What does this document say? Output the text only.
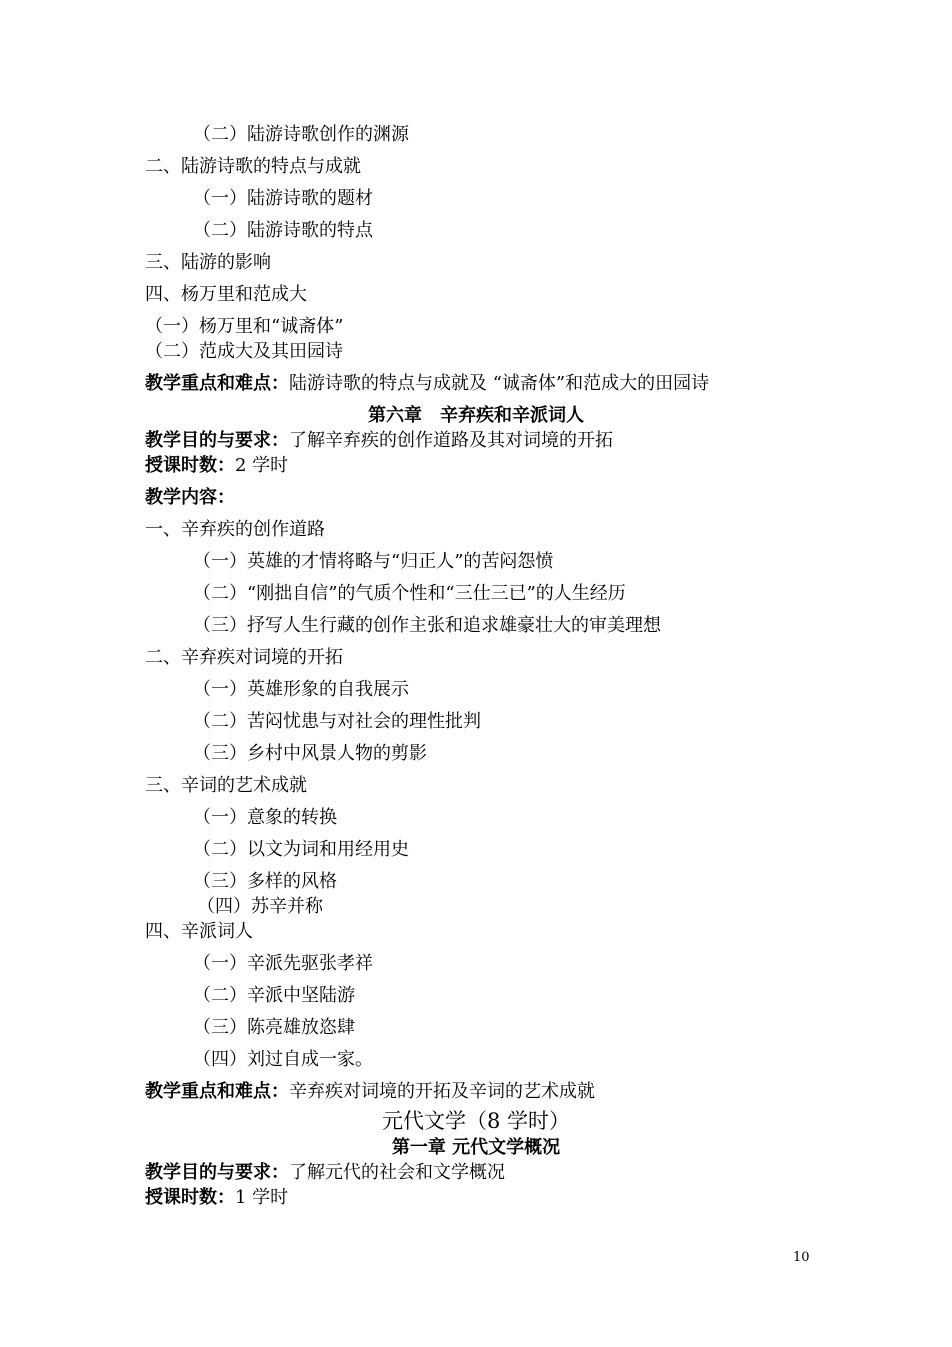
（二）陆游诗歌创作的渊源
二、陆游诗歌的特点与成就
（一）陆游诗歌的题材
（二）陆游诗歌的特点
三、陆游的影响
四、杨万里和范成大
（一）杨万里和“诚斋体”
（二）范成大及其田园诗
教学重点和难点：陆游诗歌的特点与成就及 “诚斋体”和范成大的田园诗
第六章　辛弃疾和辛派词人
教学目的与要求：了解辛弃疾的创作道路及其对词境的开拓
授课时数：2 学时
教学内容：
一、辛弃疾的创作道路
（一）英雄的才情将略与“归正人”的苦闷怨愤
（二）“刚拙自信”的气质个性和“三仕三已”的人生经历
（三）抒写人生行藏的创作主张和追求雄豪壮大的审美理想
二、辛弃疾对词境的开拓
（一）英雄形象的自我展示
（二）苦闷忧患与对社会的理性批判
（三）乡村中风景人物的剪影
三、辛词的艺术成就
（一）意象的转换
（二）以文为词和用经用史
（三）多样的风格
（四）苏辛并称
四、辛派词人
（一）辛派先驱张孝祥
（二）辛派中坚陆游
（三）陈亮雄放恣肆
（四）刘过自成一家。
教学重点和难点：辛弃疾对词境的开拓及辛词的艺术成就
元代文学（8 学时）
第一章 元代文学概况
教学目的与要求：了解元代的社会和文学概况
授课时数：1 学时
10
